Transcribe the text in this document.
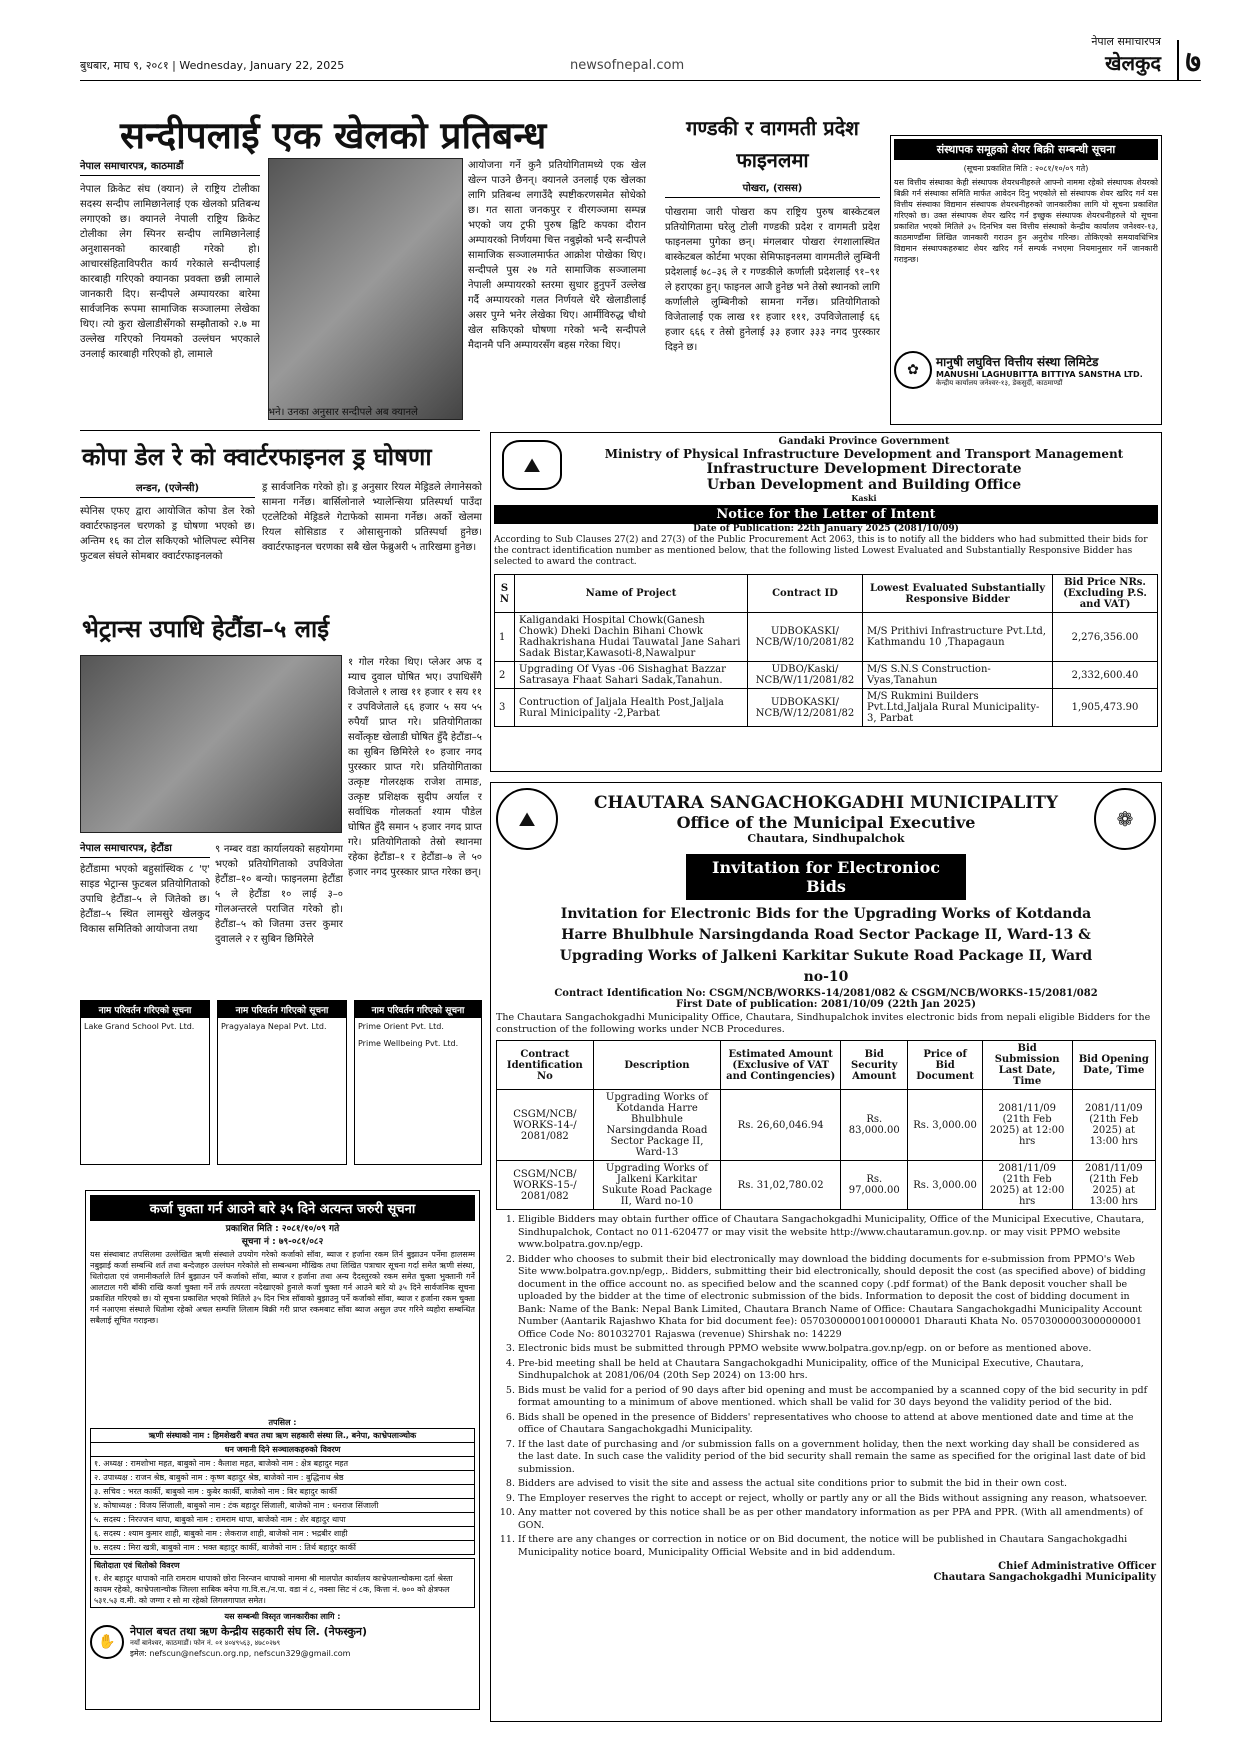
बुधबार, माघ ९, २०८१ | Wednesday, January 22, 2025	newsofnepal.com
नेपाल समाचारपत्र
खेलकुद ७
सन्दीपलाई एक खेलको प्रतिबन्ध
नेपाल समाचारपत्र, काठमाडौं
नेपाल क्रिकेट संघ (क्यान) ले राष्ट्रिय टोलीका सदस्य सन्दीप लामिछानेलाई एक खेलको प्रतिबन्ध लगाएको छ। क्यानले नेपाली राष्ट्रिय क्रिकेट टोलीका लेग स्पिनर सन्दीप लामिछानेलाई अनुशासनको कारबाही गरेको हो। आचारसंहिताविपरीत कार्य गरेकाले सन्दीपलाई कारबाही गरिएको क्यानका प्रवक्ता छन्नी लामाले जानकारी दिए। सन्दीपले अम्पायरका बारेमा सार्वजनिक रूपमा सामाजिक सञ्जालमा लेखेका थिए। त्यो कुरा खेलाडीसँगको सम्झौताको २.७ मा उल्लेख गरिएको नियमको उल्लंघन भएकाले उनलाई कारबाही गरिएको हो, लामाले
आयोजना गर्ने कुनै प्रतियोगितामध्ये एक खेल खेल्न पाउने छैनन्। क्यानले उनलाई एक खेलका लागि प्रतिबन्ध लगाउँदै स्पष्टीकरणसमेत सोधेको छ। गत साता जनकपुर र वीरगञ्जमा सम्पन्न भएको जय ट्रफी पुरुष ह्विटि कपका दौरान अम्पायरको निर्णयमा चित्त नबुझेको भन्दै सन्दीपले सामाजिक सञ्जालमार्फत आक्रोश पोखेका थिए। सन्दीपले पुस २७ गते सामाजिक सञ्जालमा नेपाली अम्पायरको स्तरमा सुधार हुनुपर्ने उल्लेख गर्दै अम्पायरको गलत निर्णयले धेरै खेलाडीलाई असर पुग्ने भनेर लेखेका थिए। आर्मीविरुद्ध चौथो खेल सकिएको घोषणा गरेको भन्दै सन्दीपले मैदानमै पनि अम्पायरसँग बहस गरेका थिए।
भने। उनका अनुसार सन्दीपले अब क्यानले
गण्डकी र वागमती प्रदेश फाइनलमा
पोखरा, (रासस)
पोखरामा जारी पोखरा कप राष्ट्रिय पुरुष बास्केटबल प्रतियोगितामा घरेलु टोली गण्डकी प्रदेश र वागमती प्रदेश फाइनलमा पुगेका छन्। मंगलबार पोखरा रंगशालास्थित बास्केटबल कोर्टमा भएका सेमिफाइनलमा वागमतीले लुम्बिनी प्रदेशलाई ७८–३६ ले र गण्डकीले कर्णाली प्रदेशलाई ९१–९१ ले हराएका हुन्। फाइनल आजै हुनेछ भने तेस्रो स्थानको लागि कर्णालीले लुम्बिनीको सामना गर्नेछ। प्रतियोगिताको विजेतालाई एक लाख ११ हजार १११, उपविजेतालाई ६६ हजार ६६६ र तेस्रो हुनेलाई ३३ हजार ३३३ नगद पुरस्कार दिइने छ।
संस्थापक समूहको शेयर बिक्री सम्बन्धी सूचना
(सूचना प्रकाशित मिति : २०८१/१०/०९ गते)
यस वित्तीय संस्थाका केही संस्थापक शेयरधनीहरुले आफ्नो नाममा रहेको संस्थापक शेयरको बिक्री गर्न संस्थाका समिति मार्फत आवेदन दिनु भएकोले सो संस्थापक शेयर खरिद गर्न यस वित्तीय संस्थाका विद्यमान संस्थापक शेयरधनीहरुको जानकारीका लागि यो सूचना प्रकाशित गरिएको छ। उक्त संस्थापक शेयर खरिद गर्न इच्छुक संस्थापक शेयरधनीहरुले यो सूचना प्रकाशित भएको मितिले ३५ दिनभित्र यस वित्तीय संस्थाको केन्द्रीय कार्यालय जनेश्वर-१३, काठमाण्डौंमा लिखित जानकारी गराउन हुन अनुरोध गरिन्छ। तोकिएको समयावधिभित्र विद्यमान संस्थापकहरुबाट शेयर खरिद गर्न सम्पर्क नभएमा नियमानुसार गर्ने जानकारी गराइन्छ।
✿
मानुषी लघुवित्त वित्तीय संस्था लिमिटेड
MANUSHI LAGHUBITTA BITTIYA SANSTHA LTD.
केन्द्रीय कार्यालय जनेश्वर-१३, डेकसुर्दी, काठमाण्डौं
कोपा डेल रे को क्वार्टरफाइनल ड्र घोषणा
लन्डन, (एजेन्सी)
स्पेनिस एफए द्वारा आयोजित कोपा डेल रेको क्वार्टरफाइनल चरणको ड्र घोषणा भएको छ। अन्तिम १६ का टोल सकिएको भोलिपल्ट स्पेनिस फुटबल संघले सोमबार क्वार्टरफाइनलको
ड्र सार्वजनिक गरेको हो। ड्र अनुसार रियल मेड्रिडले लेगानेसको सामना गर्नेछ। बार्सिलोनाले भ्यालेन्सिया प्रतिस्पर्धा पाउँदा एटलेटिको मेड्रिडले गेटाफेको सामना गर्नेछ। अर्को खेलमा रियल सोसिडाड र ओसासुनाको प्रतिस्पर्धा हुनेछ। क्वार्टरफाइनल चरणका सबै खेल फेब्रुअरी ५ तारिखमा हुनेछ।
भेट्रान्स उपाधि हेटौंडा–५ लाई
१ गोल गरेका थिए। प्लेअर अफ द म्याच दुवाल घोषित भए। उपाधिसँगै विजेताले १ लाख ११ हजार १ सय ११ र उपविजेताले ६६ हजार ५ सय ५५ रुपैयाँ प्राप्त गरे। प्रतियोगिताका सर्वोत्कृष्ट खेलाडी घोषित हुँदै हेटौंडा–५ का सुबिन छिमिरेले १० हजार नगद पुरस्कार प्राप्त गरे। प्रतियोगिताका उत्कृष्ट गोलरक्षक राजेश तामाङ, उत्कृष्ट प्रशिक्षक सुदीप अर्याल र सर्वाधिक गोलकर्ता श्याम पौडेल घोषित हुँदै समान ५ हजार नगद प्राप्त गरे। प्रतियोगिताको तेस्रो स्थानमा रहेका हेटौंडा–१ र हेटौंडा–७ ले ५० हजार नगद पुरस्कार प्राप्त गरेका छन्।
नेपाल समाचारपत्र, हेटौंडा
हेटौंडामा भएको बहुसांस्थिक ८ 'ए' साइड भेट्रान्स फुटबल प्रतियोगिताको उपाधि हेटौंडा–५ ले जितेको छ। हेटौंडा–५ स्थित लामसुरे खेलकुद विकास समितिको आयोजना तथा
९ नम्बर वडा कार्यालयको सहयोगमा भएको प्रतियोगिताको उपविजेता हेटौंडा–१० बन्यो। फाइनलमा हेटौंडा ५ ले हेटौंडा १० लाई ३–० गोलअन्तरले पराजित गरेको हो। हेटौंडा–५ को जितमा उत्तर कुमार दुवालले २ र सुबिन छिमिरेले
नाम परिवर्तन गरिएको सूचना
Lake Grand School Pvt. Ltd.
नाम परिवर्तन गरिएको सूचना
Pragyalaya Nepal Pvt. Ltd.
नाम परिवर्तन गरिएको सूचना
Prime Orient Pvt. Ltd.
Prime Wellbeing Pvt. Ltd.
कर्जा चुक्ता गर्न आउने बारे ३५ दिने अत्यन्त जरुरी सूचना
प्रकाशित मिति : २०८१/१०/०९ गते
सूचना नं : ७९-०८१/०८२
यस संस्थाबाट तपसिलमा उल्लेखित ऋणी संस्थाले उपयोग गरेको कर्जाको सॉवा, ब्याज र हर्जाना रकम तिर्न बुझाउन पर्नेमा हालसम्म नबुझाई कर्जा सम्बन्धि शर्त तथा बन्देजहरु उल्लंघन गरेकोले सो सम्बन्धमा मौखिक तथा लिखित पत्राचार सूचना गर्दा समेत ऋणी संस्था, धितोदाता एवं जमानीकर्ताले तिर्न बुझाउन पर्ने कर्जाको सॉवा, ब्याज र हर्जाना तथा अन्य दैदस्तुरको रकम समेत चुक्ता भुक्तानी गर्ने आलटाल गरी बाँकी राखि कर्जा चुक्ता गर्ने तर्फ तत्परता नदेखाएको हुनाले कर्जा चुक्ता गर्न आउने बारे यो ३५ दिने सार्वजनिक सूचना प्रकाशित गरिएको छ। यो सूचना प्रकाशित भएको मितिले ३५ दिन भित्र सॉवाको बुझाउनु पर्ने कर्जाको सॉवा, ब्याज र हर्जाना रकम चुक्ता गर्न नआएमा संस्थाले धितोमा रहेको अचल सम्पत्ति लिलाम बिक्री गरी प्राप्त रकमबाट सॉवा ब्याज असुल उपर गरिने व्यहोरा सम्बन्धित सबैलाई सूचित गराइन्छ।
तपसिल :
ऋणी संस्थाको नाम : हिमशेखरी बचत तथा ऋण सहकारी संस्था लि., बनेपा, काभ्रेपलाञ्चोक
धन जमानी दिने सञ्चालकहरुको विवरण
१. अध्यक्ष : रामशोभा महत, बाबुको नाम : कैलाश महत, बाजेको नाम : क्षेत्र बहादुर महत
२. उपाध्यक्ष : राजन श्रेष्ठ, बाबुको नाम : कृष्ण बहादुर श्रेष्ठ, बाजेको नाम : बुद्धिनाथ श्रेष्ठ
३. सचिव : भरत कार्की, बाबुको नाम : कुबेर कार्की, बाजेको नाम : बिर बहादुर कार्की
४. कोषाध्यक्ष : विजय सिंजाली, बाबुको नाम : टंक बहादुर सिंजाली, बाजेको नाम : धनराज सिंजाली
५. सदस्य : निरज्जन थापा, बाबुको नाम : रामराम थापा, बाजेको नाम : शेर बहादुर थापा
६. सदस्य : श्याम कुमार शाही, बाबुको नाम : लेकराज शाही, बाजेको नाम : भद्रबीर शाही
७. सदस्य : मिरा खत्री, बाबुको नाम : भक्त बहादुर कार्की, बाजेको नाम : तिर्थ बहादुर कार्की
धितोदाता एवं धितोको विवरण
१. शेर बहादुर थापाको नाति रामराम थापाको छोरा निरन्जन थापाको नाममा श्री मालपोत कार्यालय काभ्रेपलान्चोकमा दर्ता श्रेस्ता कायम रहेको, काभ्रेपलान्चोक जिल्ला साबिक बनेपा गा.वि.स./न.पा. वडा नं ८, नक्सा सिट नं ८क, कित्ता नं. ७०० को क्षेत्रफल ५३१.५३ व.मी. को जग्गा र सो मा रहेको लिगलगापात समेत।
यस सम्बन्धी विस्तृत जानकारीका लागि :
✋
नेपाल बचत तथा ऋण केन्द्रीय सहकारी संघ लि. (नेफस्कुन)
नयाँ बानेश्वर, काठमाडौं। फोन नं. ०१ ४०४९५६३, ४७८०२७९
इमेल: nefscun@nefscun.org.np, nefscun329@gmail.com
⛰
Gandaki Province Government
Ministry of Physical Infrastructure Development and Transport Management
Infrastructure Development Directorate
Urban Development and Building Office
Kaski
Notice for the Letter of Intent
Date of Publication: 22th January 2025 (2081/10/09)
According to Sub Clauses 27(2) and 27(3) of the Public Procurement Act 2063, this is to notify all the bidders who had submitted their bids for the contract identification number as mentioned below, that the following listed Lowest Evaluated and Substantially Responsive Bidder has selected to award the contract.
S N	Name of Project	Contract ID	Lowest Evaluated Substantially Responsive Bidder	Bid Price NRs. (Excluding P.S. and VAT)
1	Kaligandaki Hospital Chowk(Ganesh Chowk) Dheki Dachin Bihani Chowk Radhakrishana Hudai Tauwatal Jane Sahari Sadak Bistar,Kawasoti-8,Nawalpur	UDBOKASKI/ NCB/W/10/2081/82	M/S Prithivi Infrastructure Pvt.Ltd, Kathmandu 10 ,Thapagaun	2,276,356.00
2	Upgrading Of Vyas -06 Sishaghat Bazzar Satrasaya Fhaat Sahari Sadak,Tanahun.	UDBO/Kaski/ NCB/W/11/2081/82	M/S S.N.S Construction-Vyas,Tanahun	2,332,600.40
3	Contruction of Jaljala Health Post,Jaljala Rural Minicipality -2,Parbat	UDBOKASKI/ NCB/W/12/2081/82	M/S Rukmini Builders Pvt.Ltd,Jaljala Rural Municipality-3, Parbat	1,905,473.90
⛰
CHAUTARA SANGACHOKGADHI MUNICIPALITY
Office of the Municipal Executive
Chautara, Sindhupalchok
❁
Invitation for Electronioc Bids
Invitation for Electronic Bids for the Upgrading Works of Kotdanda Harre Bhulbhule Narsingdanda Road Sector Package II, Ward-13 & Upgrading Works of Jalkeni Karkitar Sukute Road Package II, Ward no-10
Contract Identification No: CSGM/NCB/WORKS-14/2081/082 & CSGM/NCB/WORKS-15/2081/082
First Date of publication: 2081/10/09 (22th Jan 2025)
The Chautara Sangachokgadhi Municipality Office, Chautara, Sindhupalchok invites electronic bids from nepali eligible Bidders for the construction of the following works under NCB Procedures.
Contract Identification No	Description	Estimated Amount (Exclusive of VAT and Contingencies)	Bid Security Amount	Price of Bid Document	Bid Submission Last Date, Time	Bid Opening Date, Time
CSGM/NCB/ WORKS-14-/ 2081/082	Upgrading Works of Kotdanda Harre Bhulbhule Narsingdanda Road Sector Package II, Ward-13	Rs. 26,60,046.94	Rs. 83,000.00	Rs. 3,000.00	2081/11/09 (21th Feb 2025) at 12:00 hrs	2081/11/09 (21th Feb 2025) at 13:00 hrs
CSGM/NCB/ WORKS-15-/ 2081/082	Upgrading Works of Jalkeni Karkitar Sukute Road Package II, Ward no-10	Rs. 31,02,780.02	Rs. 97,000.00	Rs. 3,000.00	2081/11/09 (21th Feb 2025) at 12:00 hrs	2081/11/09 (21th Feb 2025) at 13:00 hrs
1. Eligible Bidders may obtain further office of Chautara Sangachokgadhi Municipality, Office of the Municipal Executive, Chautara, Sindhupalchok, Contact no 011-620477 or may visit the website http://www.chautaramun.gov.np. or may visit PPMO website www.bolpatra.gov.np/egp.
2. Bidder who chooses to submit their bid electronically may download the bidding documents for e-submission from PPMO's Web Site www.bolpatra.gov.np/egp,. Bidders, submitting their bid electronically, should deposit the cost (as specified above) of bidding document in the office account no. as specified below and the scanned copy (.pdf format) of the Bank deposit voucher shall be uploaded by the bidder at the time of electronic submission of the bids. Information to deposit the cost of bidding document in Bank: Name of the Bank: Nepal Bank Limited, Chautara Branch Name of Office: Chautara Sangachokgadhi Municipality Account Number (Aantarik Rajashwo Khata for bid document fee): 05703000001001000001 Dharauti Khata No. 05703000003000000001 Office Code No: 801032701 Rajaswa (revenue) Shirshak no: 14229
3. Electronic bids must be submitted through PPMO website www.bolpatra.gov.np/egp. on or before as mentioned above.
4. Pre-bid meeting shall be held at Chautara Sangachokgadhi Municipality, office of the Municipal Executive, Chautara, Sindhupalchok at 2081/06/04 (20th Sep 2024) on 13:00 hrs.
5. Bids must be valid for a period of 90 days after bid opening and must be accompanied by a scanned copy of the bid security in pdf format amounting to a minimum of above mentioned. which shall be valid for 30 days beyond the validity period of the bid.
6. Bids shall be opened in the presence of Bidders' representatives who choose to attend at above mentioned date and time at the office of Chautara Sangachokgadhi Municipality.
7. If the last date of purchasing and /or submission falls on a government holiday, then the next working day shall be considered as the last date. In such case the validity period of the bid security shall remain the same as specified for the original last date of bid submission.
8. Bidders are advised to visit the site and assess the actual site conditions prior to submit the bid in their own cost.
9. The Employer reserves the right to accept or reject, wholly or partly any or all the Bids without assigning any reason, whatsoever.
10. Any matter not covered by this notice shall be as per other mandatory information as per PPA and PPR. (With all amendments) of GON.
11. If there are any changes or correction in notice or on Bid document, the notice will be published in Chautara Sangachokgadhi Municipality notice board, Municipality Official Website and in bid addendum.
Chief Administrative Officer
Chautara Sangachokgadhi Municipality
